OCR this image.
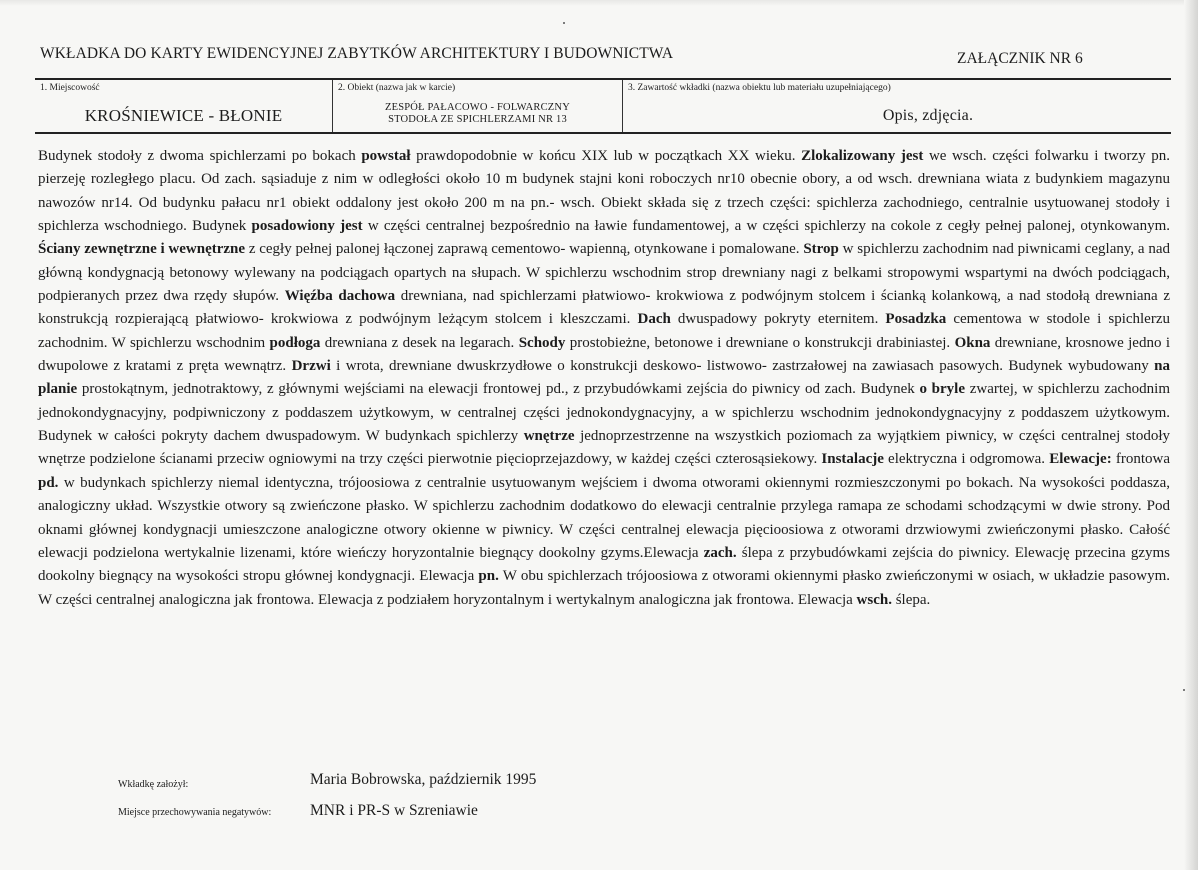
WKŁADKA DO KARTY EWIDENCYJNEJ ZABYTKÓW ARCHITEKTURY I BUDOWNICTWA	ZAŁĄCZNIK NR 6
1. Miejscowość
KROŚNIEWICE - BŁONIE
2. Obiekt (nazwa jak w karcie)
ZESPÓŁ PAŁACOWO - FOLWARCZNY
STODOŁA ZE SPICHLERZAMI NR 13
3. Zawartość wkładki (nazwa obiektu lub materiału uzupełniającego)
Opis, zdjęcia.
Budynek stodoły z dwoma spichlerzami po bokach powstał prawdopodobnie w końcu XIX lub w początkach XX wieku. Zlokalizowany jest we wsch. części folwarku i tworzy pn. pierzeję rozległego placu. Od zach. sąsiaduje z nim w odległości około 10 m budynek stajni koni roboczych nr10 obecnie obory, a od wsch. drewniana wiata z budynkiem magazynu nawozów nr14. Od budynku pałacu nr1 obiekt oddalony jest około 200 m na pn.- wsch. Obiekt składa się z trzech części: spichlerza zachodniego, centralnie usytuowanej stodoły i spichlerza wschodniego. Budynek posadowiony jest w części centralnej bezpośrednio na ławie fundamentowej, a w części spichlerzy na cokole z cegły pełnej palonej, otynkowanym. Ściany zewnętrzne i wewnętrzne z cegły pełnej palonej łączonej zaprawą cementowo- wapienną, otynkowane i pomalowane. Strop w spichlerzu zachodnim nad piwnicami ceglany, a nad główną kondygnacją betonowy wylewany na podciągach opartych na słupach. W spichlerzu wschodnim strop drewniany nagi z belkami stropowymi wspartymi na dwóch podciągach, podpieranych przez dwa rzędy słupów. Więźba dachowa drewniana, nad spichlerzami płatwiowo- krokwiowa z podwójnym stolcem i ścianką kolankową, a nad stodołą drewniana z konstrukcją rozpierającą płatwiowo- krokwiowa z podwójnym leżącym stolcem i kleszczami. Dach dwuspadowy pokryty eternitem. Posadzka cementowa w stodole i spichlerzu zachodnim. W spichlerzu wschodnim podłoga drewniana z desek na legarach. Schody prostobieżne, betonowe i drewniane o konstrukcji drabiniastej. Okna drewniane, krosnowe jedno i dwupolowe z kratami z pręta wewnątrz. Drzwi i wrota, drewniane dwuskrzydłowe o konstrukcji deskowo- listwowo- zastrzałowej na zawiasach pasowych. Budynek wybudowany na planie prostokątnym, jednotraktowy, z głównymi wejściami na elewacji frontowej pd., z przybudówkami zejścia do piwnicy od zach. Budynek o bryle zwartej, w spichlerzu zachodnim jednokondygnacyjny, podpiwniczony z poddaszem użytkowym, w centralnej części jednokondygnacyjny, a w spichlerzu wschodnim jednokondygnacyjny z poddaszem użytkowym. Budynek w całości pokryty dachem dwuspadowym. W budynkach spichlerzy wnętrze jednoprzestrzenne na wszystkich poziomach za wyjątkiem piwnicy, w części centralnej stodoły wnętrze podzielone ścianami przeciw ogniowymi na trzy części pierwotnie pięcioprzejazdowy, w każdej części czterosąsiekowy. Instalacje elektryczna i odgromowa. Elewacje: frontowa pd. w budynkach spichlerzy niemal identyczna, trójoosiowa z centralnie usytuowanym wejściem i dwoma otworami okiennymi rozmieszczonymi po bokach. Na wysokości poddasza, analogiczny układ. Wszystkie otwory są zwieńczone płasko. W spichlerzu zachodnim dodatkowo do elewacji centralnie przylega ramapa ze schodami schodzącymi w dwie strony. Pod oknami głównej kondygnacji umieszczone analogiczne otwory okienne w piwnicy. W części centralnej elewacja pięcioosiowa z otworami drzwiowymi zwieńczonymi płasko. Całość elewacji podzielona wertykalnie lizenami, które wieńczy horyzontalnie biegnący dookolny gzyms.Elewacja zach. ślepa z przybudówkami zejścia do piwnicy. Elewację przecina gzyms dookolny biegnący na wysokości stropu głównej kondygnacji. Elewacja pn. W obu spichlerzach trójoosiowa z otworami okiennymi płasko zwieńczonymi w osiach, w układzie pasowym. W części centralnej analogiczna jak frontowa. Elewacja z podziałem horyzontalnym i wertykalnym analogiczna jak frontowa. Elewacja wsch. ślepa.
Wkładkę założył:	Maria Bobrowska, październik 1995
Miejsce przechowywania negatywów: MNR i PR-S w Szreniawie
